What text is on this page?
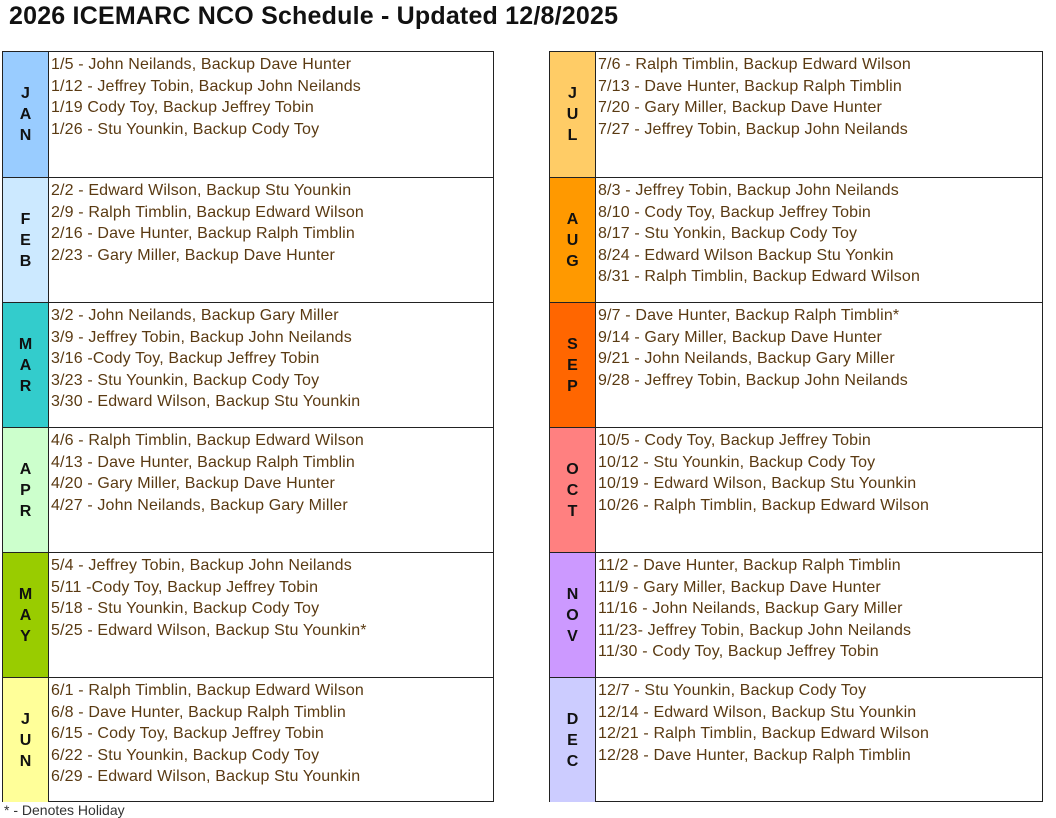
2026 ICEMARC NCO Schedule - Updated 12/8/2025
J
A
N
1/5 - John Neilands, Backup Dave Hunter
1/12 - Jeffrey Tobin, Backup John Neilands
1/19 Cody Toy, Backup Jeffrey Tobin
1/26 - Stu Younkin, Backup Cody Toy
F
E
B
2/2 - Edward Wilson, Backup Stu Younkin
2/9 - Ralph Timblin, Backup Edward Wilson
2/16 - Dave Hunter, Backup Ralph Timblin
2/23 - Gary Miller, Backup Dave Hunter
M
A
R
3/2 - John Neilands, Backup Gary Miller
3/9 - Jeffrey Tobin, Backup John Neilands
3/16 -Cody Toy, Backup Jeffrey Tobin
3/23 - Stu Younkin, Backup Cody Toy
3/30 - Edward Wilson, Backup Stu Younkin
A
P
R
4/6 - Ralph Timblin, Backup Edward Wilson
4/13 - Dave Hunter, Backup Ralph Timblin
4/20 - Gary Miller, Backup Dave Hunter
4/27 - John Neilands, Backup Gary Miller
M
A
Y
5/4 - Jeffrey Tobin, Backup John Neilands
5/11 -Cody Toy, Backup Jeffrey Tobin
5/18 - Stu Younkin, Backup Cody Toy
5/25 - Edward Wilson, Backup Stu Younkin*
J
U
N
6/1 - Ralph Timblin, Backup Edward Wilson
6/8 - Dave Hunter, Backup Ralph Timblin
6/15 - Cody Toy, Backup Jeffrey Tobin
6/22 - Stu Younkin, Backup Cody Toy
6/29 - Edward Wilson, Backup Stu Younkin
J
U
L
7/6 - Ralph Timblin, Backup Edward Wilson
7/13 - Dave Hunter, Backup Ralph Timblin
7/20 - Gary Miller, Backup Dave Hunter
7/27 - Jeffrey Tobin, Backup John Neilands
A
U
G
8/3 - Jeffrey Tobin, Backup John Neilands
8/10 - Cody Toy, Backup Jeffrey Tobin
8/17 - Stu Yonkin, Backup Cody Toy
8/24 - Edward Wilson Backup Stu Yonkin
8/31 - Ralph Timblin, Backup Edward Wilson
S
E
P
9/7 - Dave Hunter, Backup Ralph Timblin*
9/14 - Gary Miller, Backup Dave Hunter
9/21 - John Neilands, Backup Gary Miller
9/28 - Jeffrey Tobin, Backup John Neilands
O
C
T
10/5 - Cody Toy, Backup Jeffrey Tobin
10/12 - Stu Younkin, Backup Cody Toy
10/19 - Edward Wilson, Backup Stu Younkin
10/26 - Ralph Timblin, Backup Edward Wilson
N
O
V
11/2 - Dave Hunter, Backup Ralph Timblin
11/9 - Gary Miller, Backup Dave Hunter
11/16 - John Neilands, Backup Gary Miller
11/23- Jeffrey Tobin, Backup John Neilands
11/30 - Cody Toy, Backup Jeffrey Tobin
D
E
C
12/7 - Stu Younkin, Backup Cody Toy
12/14 - Edward Wilson, Backup Stu Younkin
12/21 - Ralph Timblin, Backup Edward Wilson
12/28 - Dave Hunter, Backup Ralph Timblin
* - Denotes Holiday
